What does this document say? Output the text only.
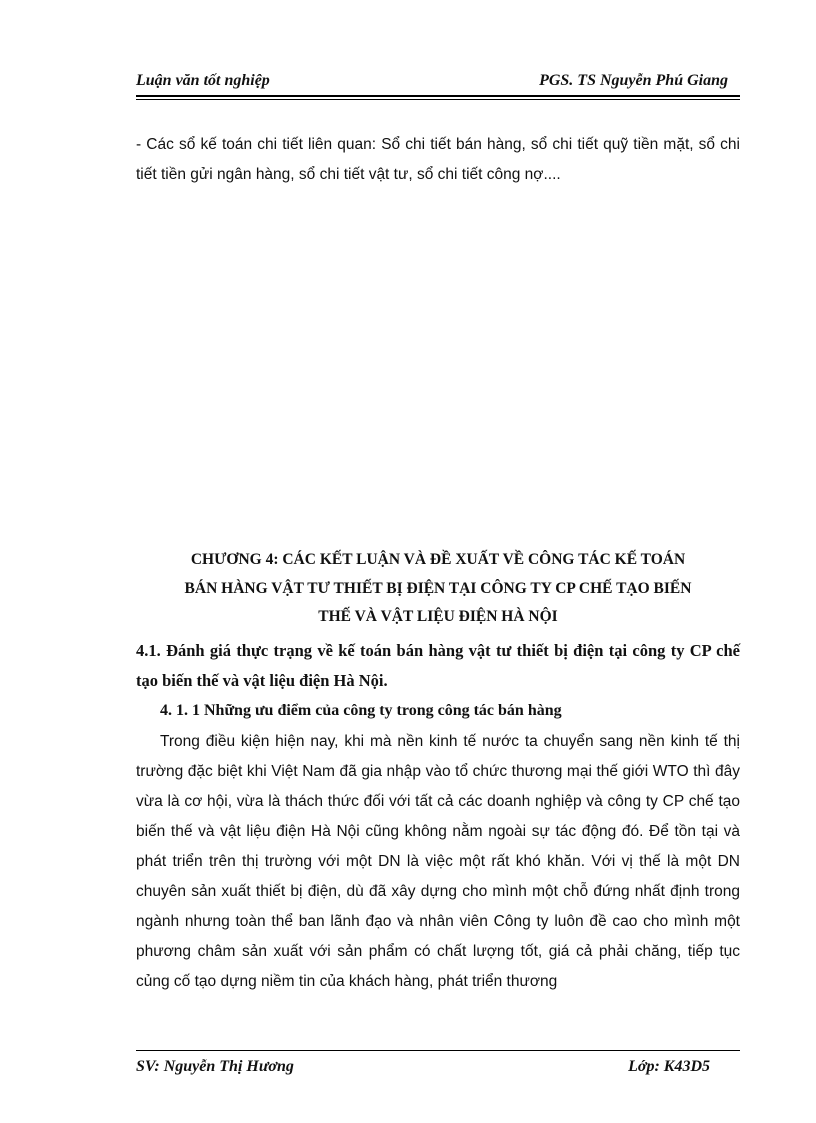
Luận văn tốt nghiệp	PGS. TS Nguyễn Phú Giang

- Các sổ kế toán chi tiết liên quan: Sổ chi tiết bán hàng, sổ chi tiết quỹ tiền mặt, sổ chi tiết tiền gửi ngân hàng, sổ chi tiết vật tư, sổ chi tiết công nợ....

CHƯƠNG 4: CÁC KẾT LUẬN VÀ ĐỀ XUẤT VỀ CÔNG TÁC KẾ TOÁN
BÁN HÀNG VẬT TƯ THIẾT BỊ ĐIỆN TẠI CÔNG TY CP CHẾ TẠO BIẾN
THẾ VÀ VẬT LIỆU ĐIỆN HÀ NỘI

4.1. Đánh giá thực trạng về kế toán bán hàng vật tư thiết bị điện tại công ty CP chế tạo biến thế và vật liệu điện Hà Nội.

4. 1. 1 Những ưu điểm của công ty trong công tác bán hàng

Trong điều kiện hiện nay, khi mà nền kinh tế nước ta chuyển sang nền kinh tế thị trường đặc biệt khi Việt Nam đã gia nhập vào tổ chức thương mại thế giới WTO thì đây vừa là cơ hội, vừa là thách thức đối với tất cả các doanh nghiệp và công ty CP chế tạo biến thế và vật liệu điện Hà Nội cũng không nằm ngoài sự tác động đó. Để tồn tại và phát triển trên thị trường với một DN là việc một rất khó khăn. Với vị thế là một DN chuyên sản xuất thiết bị điện, dù đã xây dựng cho mình một chỗ đứng nhất định trong ngành nhưng toàn thể ban lãnh đạo và nhân viên Công ty luôn đề cao cho mình một phương châm sản xuất với sản phẩm có chất lượng tốt, giá cả phải chăng, tiếp tục củng cố tạo dựng niềm tin của khách hàng, phát triển thương

SV: Nguyễn Thị Hương	Lớp: K43D5
